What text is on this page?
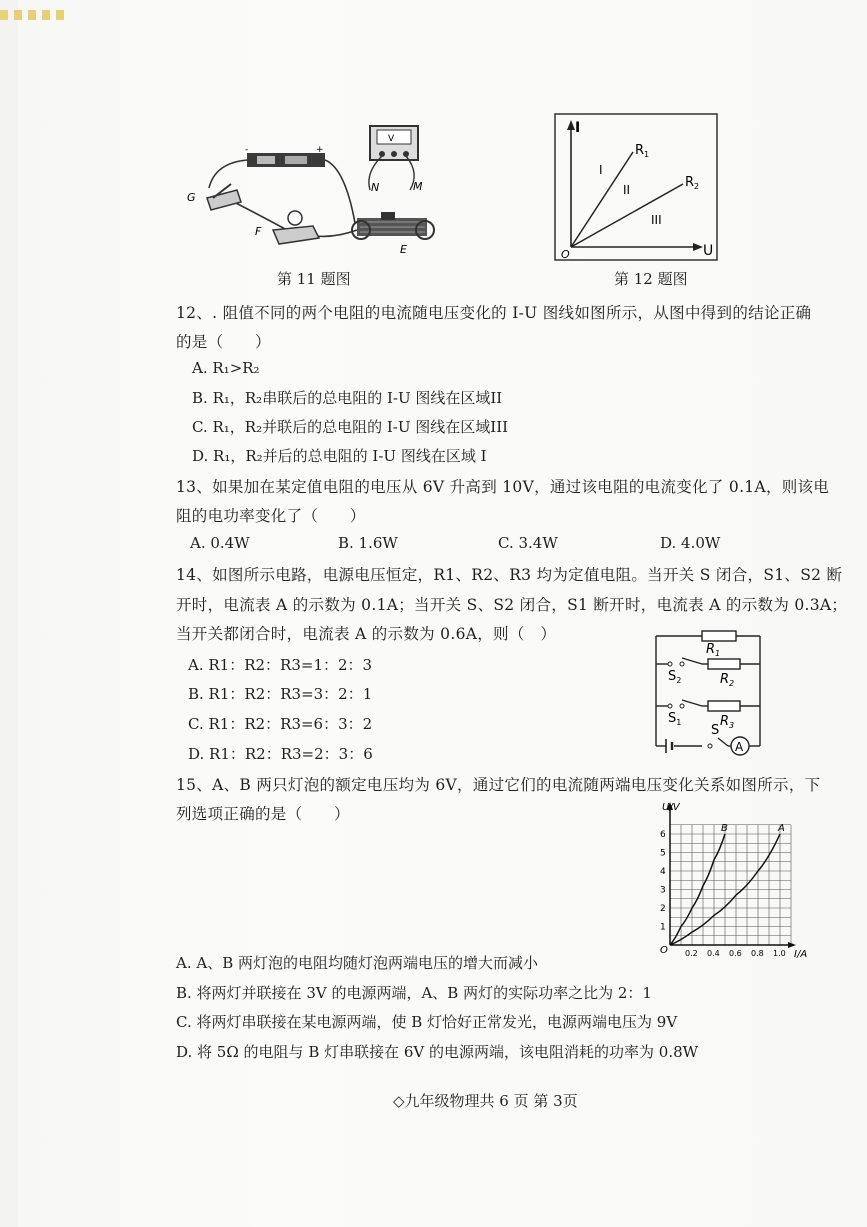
-	+
V
G
F
E
N	M
第 11 题图
I
U
O
$R_1$
$R_2$
I
II
III
第 12 题图
12、. 阻值不同的两个电阻的电流随电压变化的 I-U 图线如图所示，从图中得到的结论正确
的是（　　）
A. R₁>R₂
B. R₁，R₂串联后的总电阻的 I-U 图线在区域II
C. R₁，R₂并联后的总电阻的 I-U 图线在区域III
D. R₁，R₂并后的总电阻的 I-U 图线在区域 I
13、如果加在某定值电阻的电压从 6V 升高到 10V，通过该电阻的电流变化了 0.1A，则该电
阻的电功率变化了（　　）
A. 0.4W	B. 1.6W	C. 3.4W	D. 4.0W
14、如图所示电路，电源电压恒定，R1、R2、R3 均为定值电阻。当开关 S 闭合，S1、S2 断
开时，电流表 A 的示数为 0.1A；当开关 S、S2 闭合，S1 断开时，电流表 A 的示数为 0.3A；
当开关都闭合时，电流表 A 的示数为 0.6A，则（　）
A. R1：R2：R3=1：2：3
B. R1：R2：R3=3：2：1
C. R1：R2：R3=6：3：2
D. R1：R2：R3=2：3：6	A
$R_1$
$R_2$
$R_3$
$S_2$
$S_1$
S
15、A、B 两只灯泡的额定电压均为 6V，通过它们的电流随两端电压变化关系如图所示，下
列选项正确的是（　　）
1
2
3
4
5
6
0.2 0.4 0.6 0.8 1.0
U/V
I/A
O
A
B
A. A、B 两灯泡的电阻均随灯泡两端电压的增大而减小
B. 将两灯并联接在 3V 的电源两端，A、B 两灯的实际功率之比为 2：1
C. 将两灯串联接在某电源两端，使 B 灯恰好正常发光，电源两端电压为 9V
D. 将 5Ω 的电阻与 B 灯串联接在 6V 的电源两端，该电阻消耗的功率为 0.8W
◇九年级物理共 6 页 第 3页
